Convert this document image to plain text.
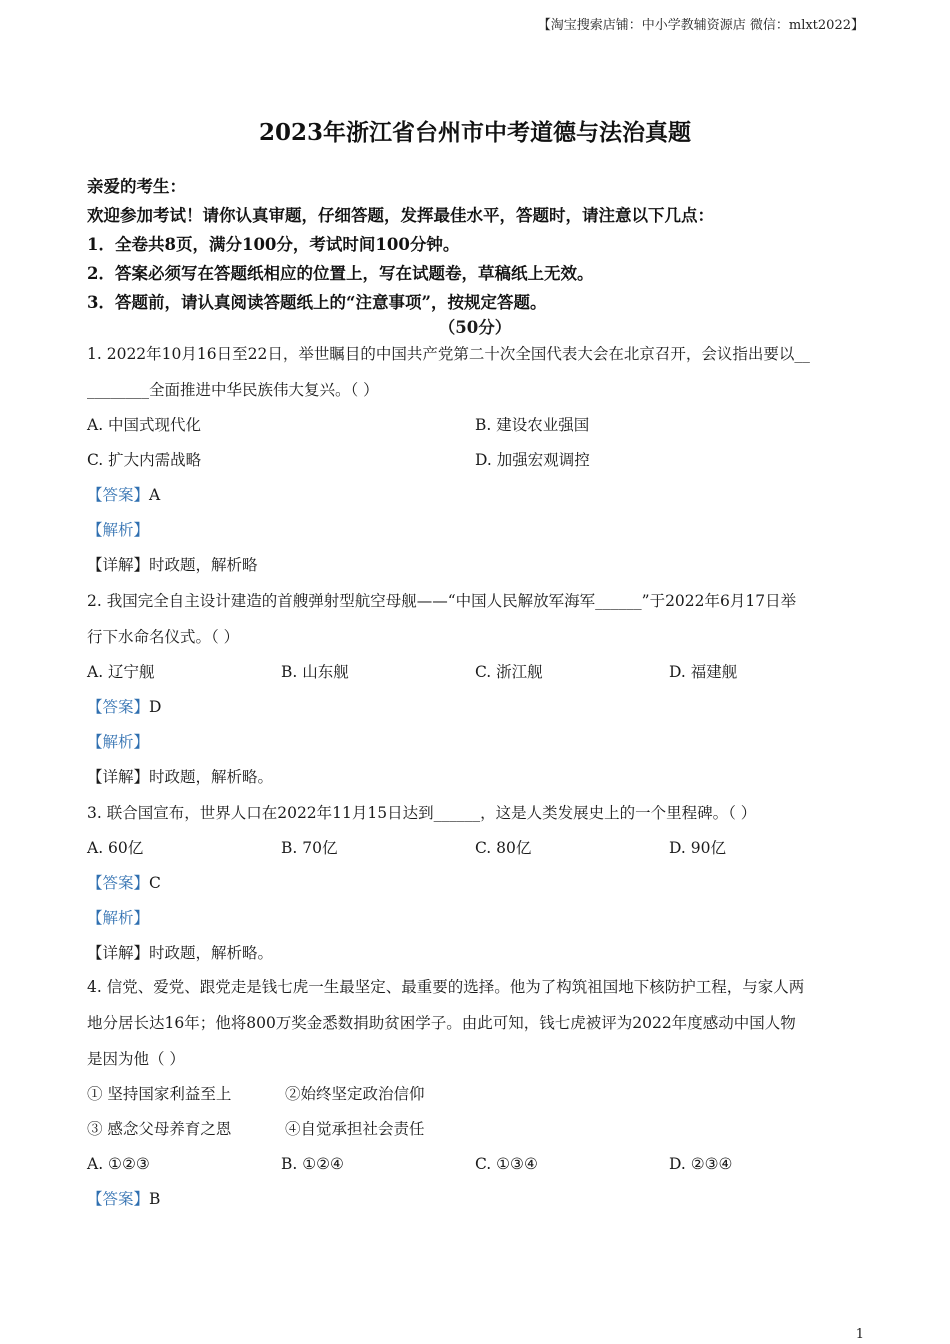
【淘宝搜索店铺：中小学教辅资源店 微信：mlxt2022】
2023年浙江省台州市中考道德与法治真题
亲爱的考生：
欢迎参加考试！请你认真审题，仔细答题，发挥最佳水平，答题时，请注意以下几点：
1．全卷共8页，满分100分，考试时间100分钟。
2．答案必须写在答题纸相应的位置上，写在试题卷，草稿纸上无效。
3．答题前，请认真阅读答题纸上的“注意事项”，按规定答题。
（50分）
1. 2022年10月16日至22日，举世瞩目的中国共产党第二十次全国代表大会在北京召开，会议指出要以__
________全面推进中华民族伟大复兴。（ ）
A. 中国式现代化	B. 建设农业强国
C. 扩大内需战略	D. 加强宏观调控
【答案】A
【解析】
【详解】时政题，解析略
2. 我国完全自主设计建造的首艘弹射型航空母舰——“中国人民解放军海军______”于2022年6月17日举
行下水命名仪式。（ ）
A. 辽宁舰	B. 山东舰	C. 浙江舰	D. 福建舰
【答案】D
【解析】
【详解】时政题，解析略。
3. 联合国宣布，世界人口在2022年11月15日达到______，这是人类发展史上的一个里程碑。（ ）
A. 60亿	B. 70亿	C. 80亿	D. 90亿
【答案】C
【解析】
【详解】时政题，解析略。
4. 信党、爱党、跟党走是钱七虎一生最坚定、最重要的选择。他为了构筑祖国地下核防护工程，与家人两
地分居长达16年；他将800万奖金悉数捐助贫困学子。由此可知，钱七虎被评为2022年度感动中国人物
是因为他（ ）
① 坚持国家利益至上	②始终坚定政治信仰
③ 感念父母养育之恩	④自觉承担社会责任
A. ①②③	B. ①②④	C. ①③④	D. ②③④
【答案】B
1
